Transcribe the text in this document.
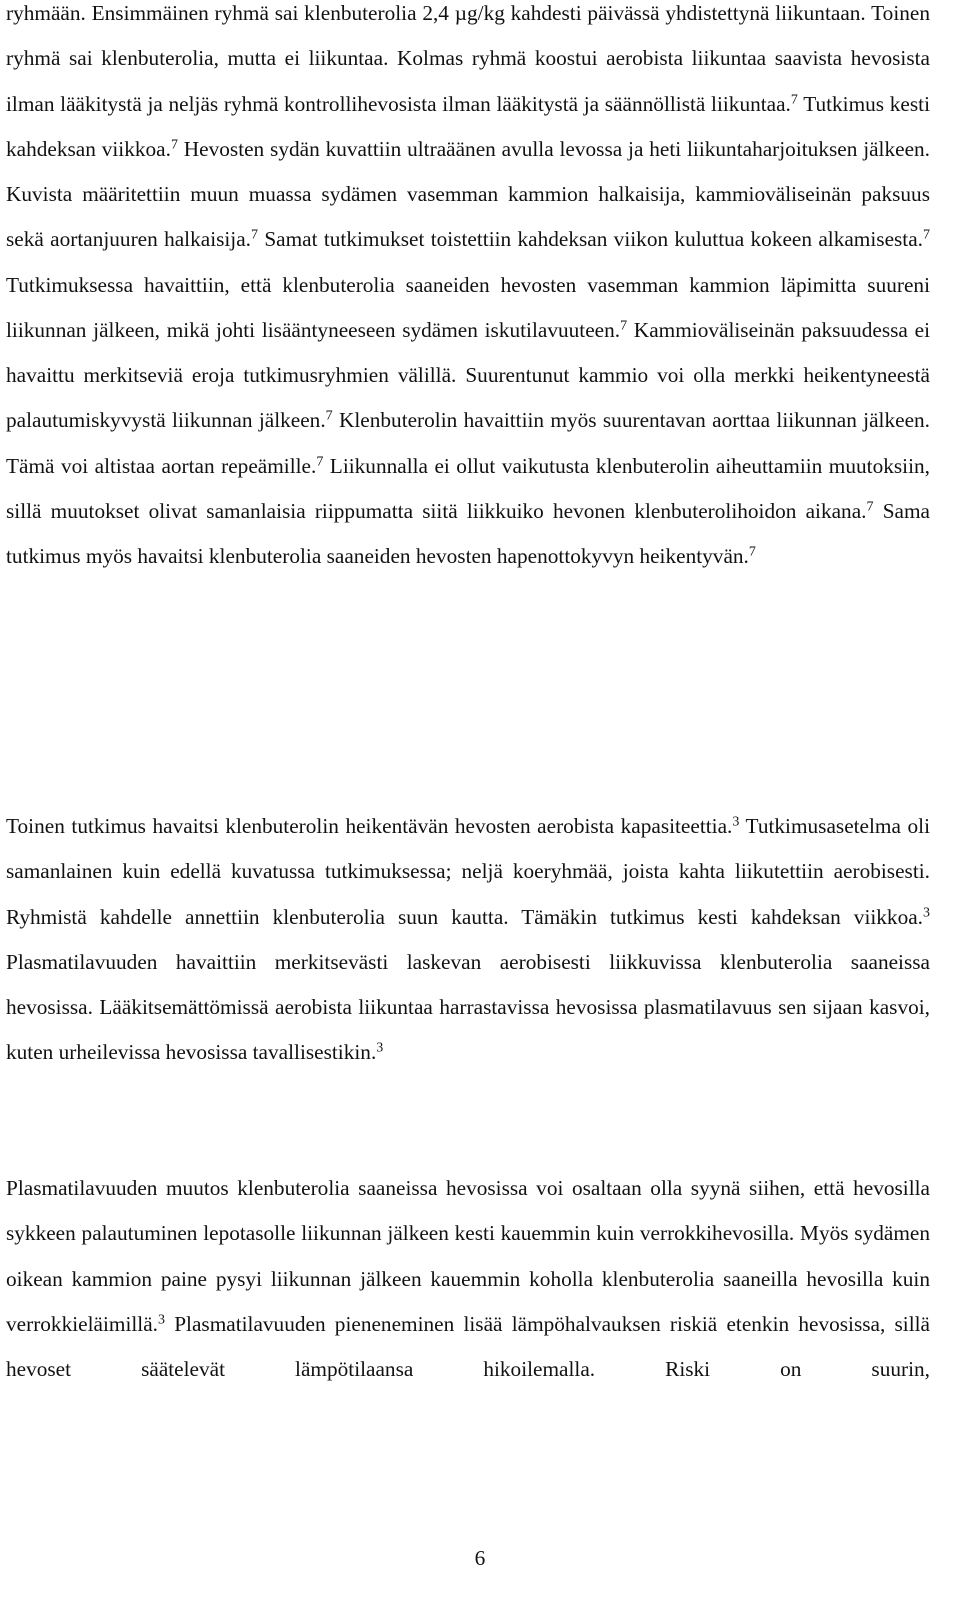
ryhmään. Ensimmäinen ryhmä sai klenbuterolia 2,4 µg/kg kahdesti päivässä yhdistettynä liikuntaan. Toinen ryhmä sai klenbuterolia, mutta ei liikuntaa. Kolmas ryhmä koostui aerobista liikuntaa saavista hevosista ilman lääkitystä ja neljäs ryhmä kontrollihevosista ilman lääkitystä ja säännöllistä liikuntaa.$^7$ Tutkimus kesti kahdeksan viikkoa.$^7$ Hevosten sydän kuvattiin ultraäänen avulla levossa ja heti liikuntaharjoituksen jälkeen. Kuvista määritettiin muun muassa sydämen vasemman kammion halkaisija, kammioväliseinän paksuus sekä aortanjuuren halkaisija.$^7$ Samat tutkimukset toistettiin kahdeksan viikon kuluttua kokeen alkamisesta.$^7$ Tutkimuksessa havaittiin, että klenbuterolia saaneiden hevosten vasemman kammion läpimitta suureni liikunnan jälkeen, mikä johti lisääntyneeseen sydämen iskutilavuuteen.$^7$ Kammioväliseinän paksuudessa ei havaittu merkitseviä eroja tutkimusryhmien välillä. Suurentunut kammio voi olla merkki heikentyneestä palautumiskyvystä liikunnan jälkeen.$^7$ Klenbuterolin havaittiin myös suurentavan aorttaa liikunnan jälkeen. Tämä voi altistaa aortan repeämille.$^7$ Liikunnalla ei ollut vaikutusta klenbuterolin aiheuttamiin muutoksiin, sillä muutokset olivat samanlaisia riippumatta siitä liikkuiko hevonen klenbuterolihoidon aikana.$^7$ Sama tutkimus myös havaitsi klenbuterolia saaneiden hevosten hapenottokyvyn heikentyvän.$^7$

Toinen tutkimus havaitsi klenbuterolin heikentävän hevosten aerobista kapasiteettia.$^3$ Tutkimusasetelma oli samanlainen kuin edellä kuvatussa tutkimuksessa; neljä koeryhmää, joista kahta liikutettiin aerobisesti. Ryhmistä kahdelle annettiin klenbuterolia suun kautta. Tämäkin tutkimus kesti kahdeksan viikkoa.$^3$ Plasmatilavuuden havaittiin merkitsevästi laskevan aerobisesti liikkuvissa klenbuterolia saaneissa hevosissa. Lääkitsemättömissä aerobista liikuntaa harrastavissa hevosissa plasmatilavuus sen sijaan kasvoi, kuten urheilevissa hevosissa tavallisestikin.$^3$

Plasmatilavuuden muutos klenbuterolia saaneissa hevosissa voi osaltaan olla syynä siihen, että hevosilla sykkeen palautuminen lepotasolle liikunnan jälkeen kesti kauemmin kuin verrokkihevosilla. Myös sydämen oikean kammion paine pysyi liikunnan jälkeen kauemmin koholla klenbuterolia saaneilla hevosilla kuin verrokkieläimillä.$^3$ Plasmatilavuuden pieneneminen lisää lämpöhalvauksen riskiä etenkin hevosissa, sillä hevoset säätelevät lämpötilaansa hikoilemalla. Riski on suurin,

6
